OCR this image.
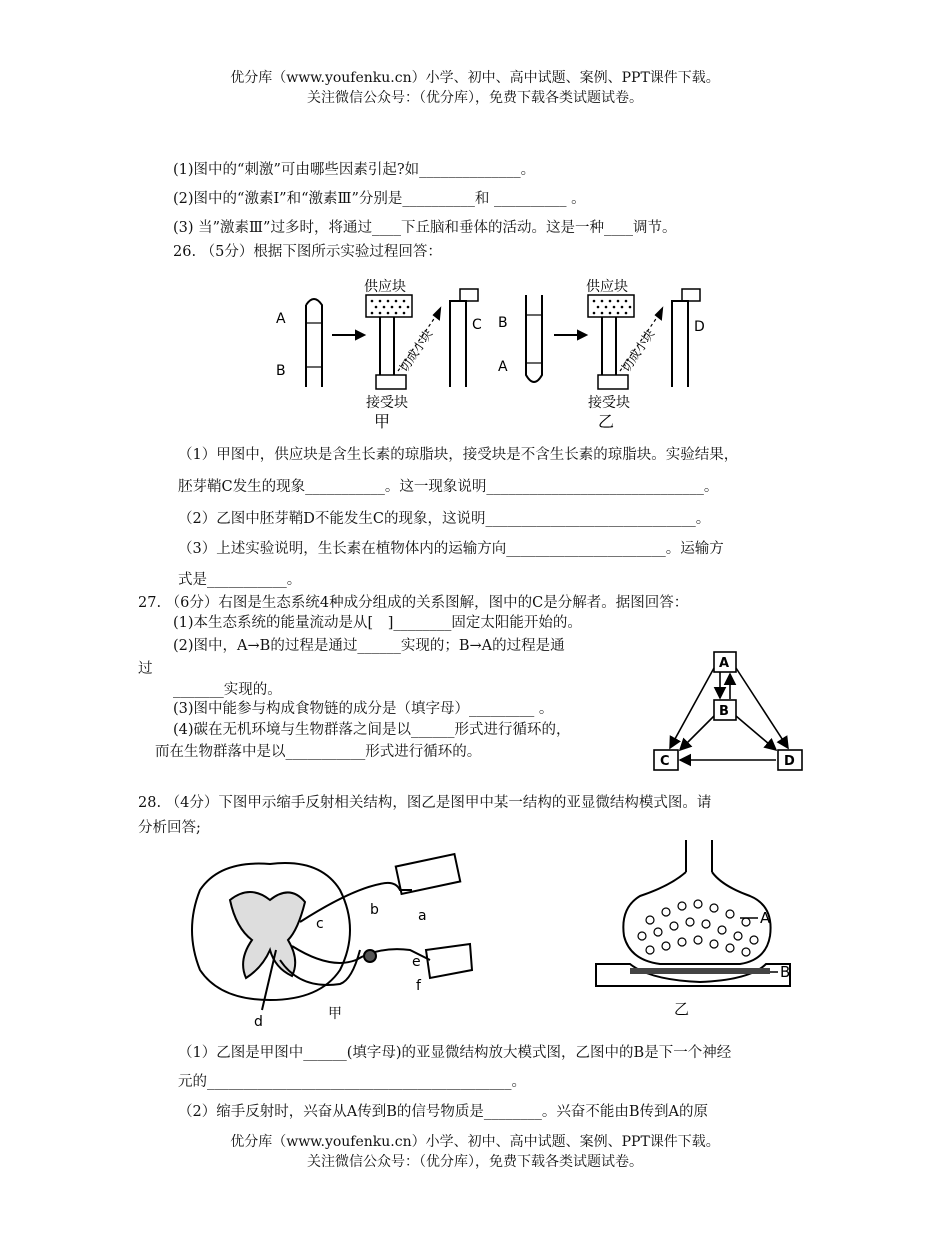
优分库（www.youfenku.cn）小学、初中、高中试题、案例、PPT课件下载。
关注微信公众号：（优分库），免费下载各类试题试卷。
(1)图中的“刺激”可由哪些因素引起?如______________。
(2)图中的“激素Ⅰ”和“激素Ⅲ”分别是__________和 __________ 。
(3) 当”激素Ⅲ”过多时，将通过____下丘脑和垂体的活动。这是一种____调节。
26. （5分）根据下图所示实验过程回答：
供应块	供应块
A
B
B
A
C	D
接受块	接受块
甲	乙
切成小块	切成小块
（1）甲图中，供应块是含生长素的琼脂块，接受块是不含生长素的琼脂块。实验结果，
胚芽鞘C发生的现象___________。这一现象说明______________________________。
（2）乙图中胚芽鞘D不能发生C的现象，这说明_____________________________。
（3）上述实验说明，生长素在植物体内的运输方向______________________。运输方
式是___________。
27. （6分）右图是生态系统4种成分组成的关系图解，图中的C是分解者。据图回答：
(1)本生态系统的能量流动是从[　]________固定太阳能开始的。
(2)图中，A→B的过程是通过______实现的；B→A的过程是通
过
_______实现的。
(3)图中能参与构成食物链的成分是（填字母）_________ 。
(4)碳在无机环境与生物群落之间是以______形式进行循环的，
而在生物群落中是以___________形式进行循环的。
A
B
C	D
28. （4分）下图甲示缩手反射相关结构，图乙是图甲中某一结构的亚显微结构模式图。请
分析回答;
a
b
c
d
e
f
甲
A
B
乙
（1）乙图是甲图中______(填字母)的亚显微结构放大模式图，乙图中的B是下一个神经
元的__________________________________________。
（2）缩手反射时，兴奋从A传到B的信号物质是________。兴奋不能由B传到A的原
优分库（www.youfenku.cn）小学、初中、高中试题、案例、PPT课件下载。
关注微信公众号：（优分库），免费下载各类试题试卷。
